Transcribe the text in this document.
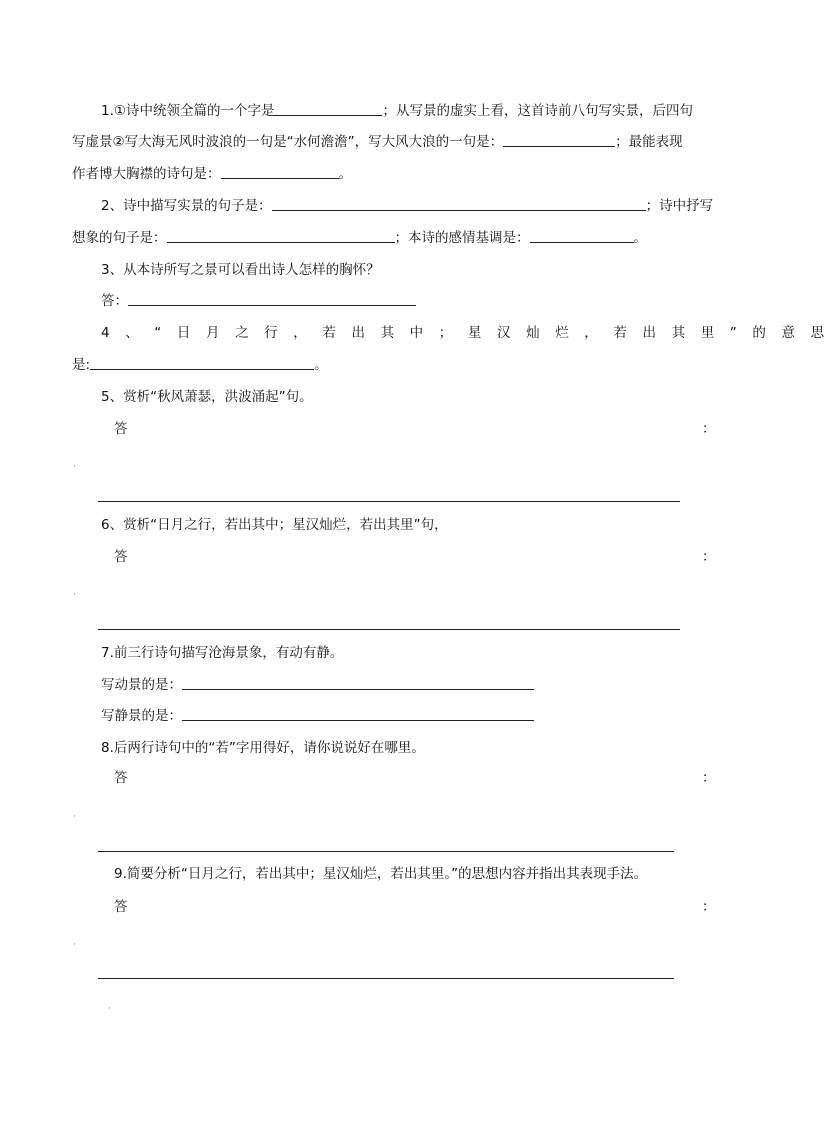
1.①诗中统领全篇的一个字是	；从写景的虚实上看，这首诗前八句写实景，后四句
写虚景②写大海无风时波浪的一句是“水何澹澹”，写大风大浪的一句是：	；最能表现
作者博大胸襟的诗句是：	。
2、诗中描写实景的句子是：	；诗中抒写
想象的句子是：	；本诗的感情基调是：	。
3、从本诗所写之景可以看出诗人怎样的胸怀？
答：
4、“日月之行，若出其中；星汉灿烂，若出其里”的意思
是:	。
5、赏析“秋风萧瑟，洪波涌起”句。
答	：
6、赏析“日月之行，若出其中；星汉灿烂，若出其里”句，
答	：
7.前三行诗句描写沧海景象，有动有静。
写动景的是：
写静景的是：
8.后两行诗句中的“若”字用得好，请你说说好在哪里。
答	：
9.简要分析“日月之行，若出其中；星汉灿烂，若出其里。”的思想内容并指出其表现手法。
答	：
·
·
·
·
·
